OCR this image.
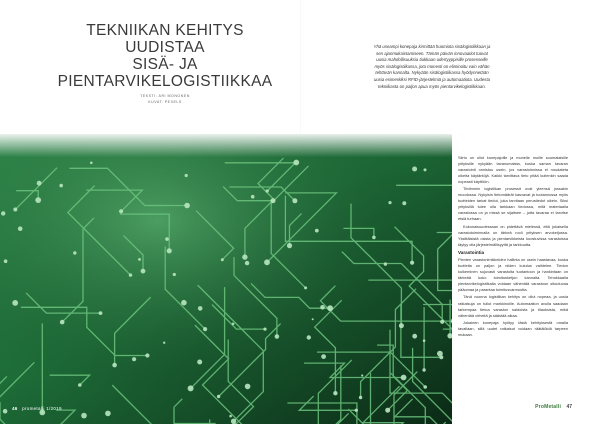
TEKNIIKAN KEHITYS
UUDISTAA
SISÄ- JA PIENTARVIKELOGISTIIKKAA
TEKSTI: ARI MONONEN
KUVAT: PEXELS
Yhä useampi konepaja kirmittää huomiota sisälogistiikkaan ja sen ajanmukaistamiseen. Tämän päivän innovaatiot tuovat uusia mahdollisuuksia tiukkaan udertyyppisille prosesseille myös sisälogistiikassa, jota monesti on eliminoitu vain vähän tehtävän kannalta. Nykyään sisälogistiikassa hyödynnetään uusia esimerkiksi RFID-järjestelmiä ja automaatiota. Uudesta tekniikasta on paljon apua myös pientarvikelogistiikkaan.

Siirto on ollut konepajoille ja monelle muille suomalaisille yrityksille nykyään tavanomaista, koska saman tavaran varastointi onnistuu usein, jos varastoinnissa ei noudateta oikeita käytäntöjä. Kaikki tarvittava tieto pitää kuitenkin saada nopeasti käyttöön.

Tiiviimmin logistiikan prosessit ovat yleensä jossakin muodossa. Nykyisin tietomäärät kasvavat ja tuotannossa myös tuotteiden tarkat tiedot, joka tarvitaan perustiedot oikein. Siksi yrityksillä tulee olla tarkkaan tiedossa, mitä materiaalia varastossa on ja missä se sijaitsee – jotta tavaraa ei tarvitse etsiä turhaan.

Kokonaisuudessaan on pidettävä mielessä, että jokaisella varastotoiminnalla on tärkeä rooli yrityksen arvoketjussa. Yksittäisistä osista ja pientarvikkeista koostuvissa varastoissa täytyy olla järjestelmällisyyttä ja tarkkuutta.

Varastointia

Pienten varastonimikkeiden hallinta on usein haastavaa, koska tuotteita on paljon ja niiden kulutus vaihtelee. Tiedon kulkeminen sujuvasti varastolta tuotantoon ja hankintaan on tärkeää koko toimitusketjun kannalta. Tehokkaalla pientarvikelogistiikalla voidaan vähentää varastoon sitoutuvaa pääomaa ja parantaa toimitusvarmuutta.

Tänä vuonna logistiikan kehitys on ollut nopeaa, ja uusia ratkaisuja on tullut markkinoille. Automaation avulla saadaan tarkempaa tietoa varaston saldoista ja tilauksista, mikä vähentää virheitä ja säästää aikaa.

Jokainen konepaja hyötyy tästä kehityksestä omalla tavallaan, sillä uudet ratkaisut voidaan räätälöidä tarpeen mukaan.

46 prometalli 1/2019	ProMetalli 47
